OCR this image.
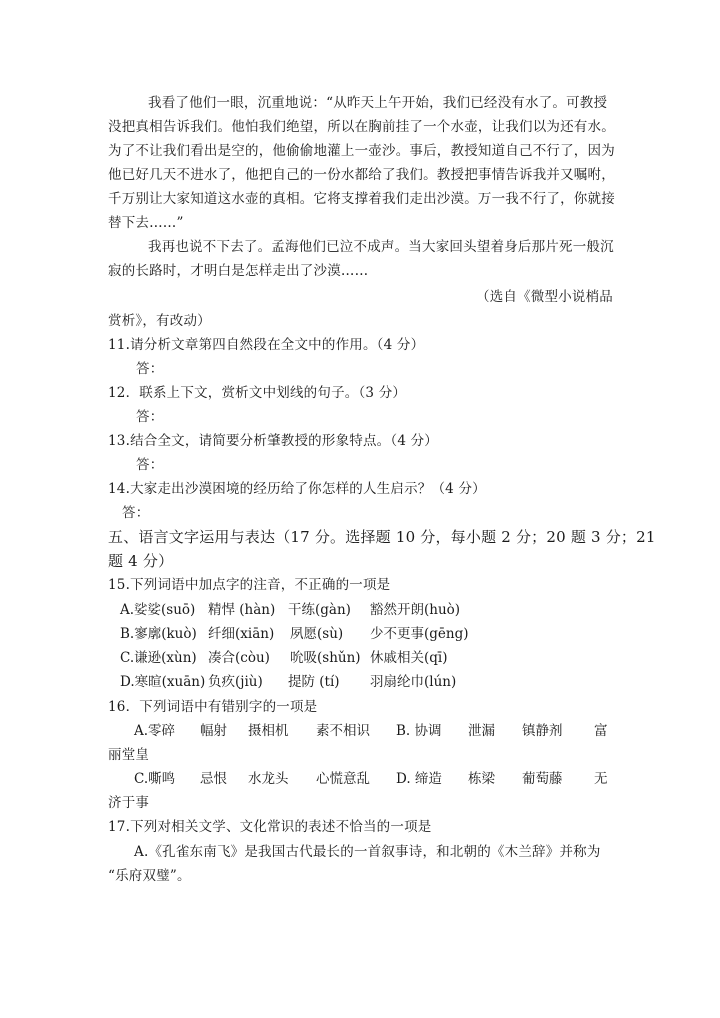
我看了他们一眼，沉重地说：“从昨天上午开始，我们已经没有水了。可教授
没把真相告诉我们。他怕我们绝望，所以在胸前挂了一个水壶，让我们以为还有水。
为了不让我们看出是空的，他偷偷地灌上一壶沙。事后，教授知道自己不行了，因为
他已好几天不进水了，他把自己的一份水都给了我们。教授把事情告诉我并又嘱咐，
千万别让大家知道这水壶的真相。它将支撑着我们走出沙漠。万一我不行了，你就接
替下去……”
我再也说不下去了。孟海他们已泣不成声。当大家回头望着身后那片死一般沉
寂的长路时，才明白是怎样走出了沙漠……
（选自《微型小说梢品
赏析》，有改动）
11.请分析文章第四自然段在全文中的作用。（4 分）
答：
12．联系上下文，赏析文中划线的句子。（3 分）
答：
13.结合全文，请简要分析肇教授的形象特点。（4 分）
答：
14.大家走出沙漠困境的经历给了你怎样的人生启示？（4 分）
答：
五、语言文字运用与表达（17 分。选择题 10 分，每小题 2 分；20 题 3 分；21
题 4 分）
15.下列词语中加点字的注音，不正确的一项是
A.娑娑(suō) 精悍 (hàn) 干练(gàn) 豁然开朗(huò)
B.寥廓(kuò) 纤细(xiān) 夙愿(sù) 少不更事(gēng)
C.谦逊(xùn) 凑合(còu) 吮吸(shǔn) 休戚相关(qī)
D.寒暄(xuān) 负疚(jiù) 提防 (tí) 羽扇纶巾(lún)
16．下列词语中有错别字的一项是
A.零碎 幅射 摄相机 素不相识 B. 协调 泄漏 镇静剂 富
丽堂皇
C.嘶鸣 忌恨 水龙头 心慌意乱 D. 缔造 栋梁 葡萄藤 无
济于事
17.下列对相关文学、文化常识的表述不恰当的一项是
A.《孔雀东南飞》是我国古代最长的一首叙事诗，和北朝的《木兰辞》并称为
“乐府双璧”。
